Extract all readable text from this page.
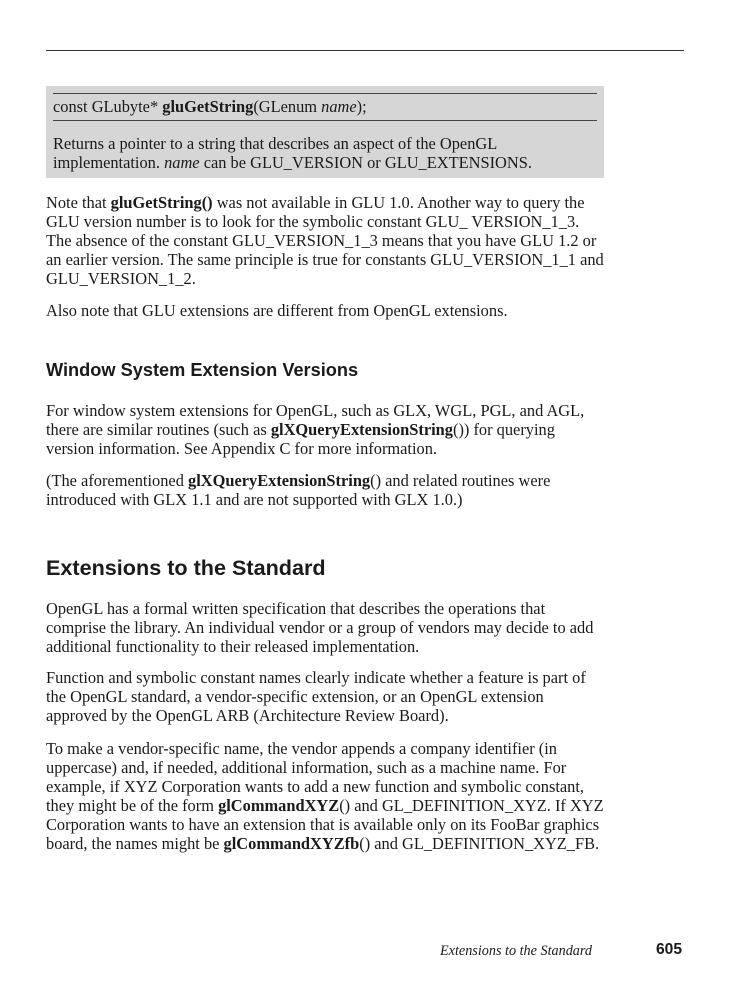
const GLubyte* gluGetString(GLenum name);
Returns a pointer to a string that describes an aspect of the OpenGL implementation. name can be GLU_VERSION or GLU_EXTENSIONS.

Note that gluGetString() was not available in GLU 1.0. Another way to query the GLU version number is to look for the symbolic constant GLU_ VERSION_1_3. The absence of the constant GLU_VERSION_1_3 means that you have GLU 1.2 or an earlier version. The same principle is true for constants GLU_VERSION_1_1 and GLU_VERSION_1_2.

Also note that GLU extensions are different from OpenGL extensions.

Window System Extension Versions

For window system extensions for OpenGL, such as GLX, WGL, PGL, and AGL, there are similar routines (such as glXQueryExtensionString()) for querying version information. See Appendix C for more information.

(The aforementioned glXQueryExtensionString() and related routines were introduced with GLX 1.1 and are not supported with GLX 1.0.)

Extensions to the Standard

OpenGL has a formal written specification that describes the operations that comprise the library. An individual vendor or a group of vendors may decide to add additional functionality to their released implementation.

Function and symbolic constant names clearly indicate whether a feature is part of the OpenGL standard, a vendor-specific extension, or an OpenGL extension approved by the OpenGL ARB (Architecture Review Board).

To make a vendor-specific name, the vendor appends a company identifier (in uppercase) and, if needed, additional information, such as a machine name. For example, if XYZ Corporation wants to add a new function and symbolic constant, they might be of the form glCommandXYZ() and GL_DEFINITION_XYZ. If XYZ Corporation wants to have an extension that is available only on its FooBar graphics board, the names might be glCommandXYZfb() and GL_DEFINITION_XYZ_FB.

Extensions to the Standard	605
